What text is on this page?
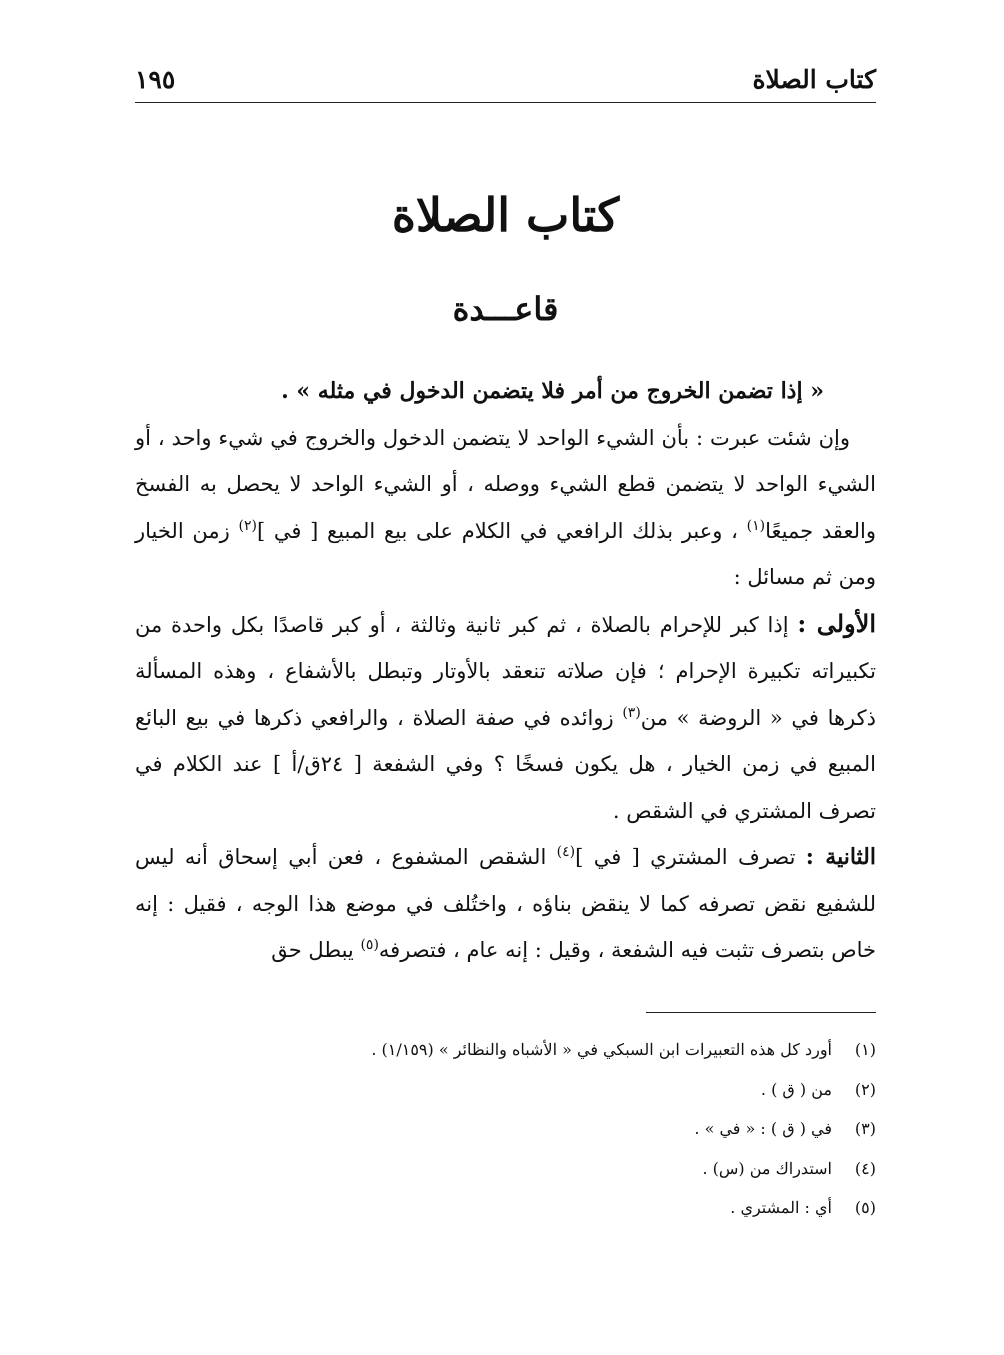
كتاب الصلاة
١٩٥
كتاب الصلاة
قاعـــدة

« إذا تضمن الخروج من أمر فلا يتضمن الدخول في مثله » .

وإن شئت عبرت : بأن الشيء الواحد لا يتضمن الدخول والخروج في شيء واحد ، أو الشيء الواحد لا يتضمن قطع الشيء ووصله ، أو الشيء الواحد لا يحصل به الفسخ والعقد جميعًا$^{(١)}$ ، وعبر بذلك الرافعي في الكلام على بيع المبيع [ في ]$^{(٢)}$ زمن الخيار ومن ثم مسائل :

الأولى : إذا كبر للإحرام بالصلاة ، ثم كبر ثانية وثالثة ، أو كبر قاصدًا بكل واحدة من تكبيراته تكبيرة الإحرام ؛ فإن صلاته تنعقد بالأوتار وتبطل بالأشفاع ، وهذه المسألة ذكرها في « الروضة » من$^{(٣)}$ زوائده في صفة الصلاة ، والرافعي ذكرها في بيع البائع المبيع في زمن الخيار ، هل يكون فسخًا ؟ وفي الشفعة [ ٢٤ق/أ ] عند الكلام في تصرف المشتري في الشقص .

الثانية : تصرف المشتري [ في ]$^{(٤)}$ الشقص المشفوع ، فعن أبي إسحاق أنه ليس للشفيع نقض تصرفه كما لا ينقض بناؤه ، واختُلف في موضع هذا الوجه ، فقيل : إنه خاص بتصرف تثبت فيه الشفعة ، وقيل : إنه عام ، فتصرفه$^{(٥)}$ يبطل حق

(١)
أورد كل هذه التعبيرات ابن السبكي في « الأشباه والنظائر » (١/١٥٩) .
(٢)
من ( ق ) .
(٣)
في ( ق ) : « في » .
(٤)
استدراك من (س) .
(٥)
أي : المشتري .
